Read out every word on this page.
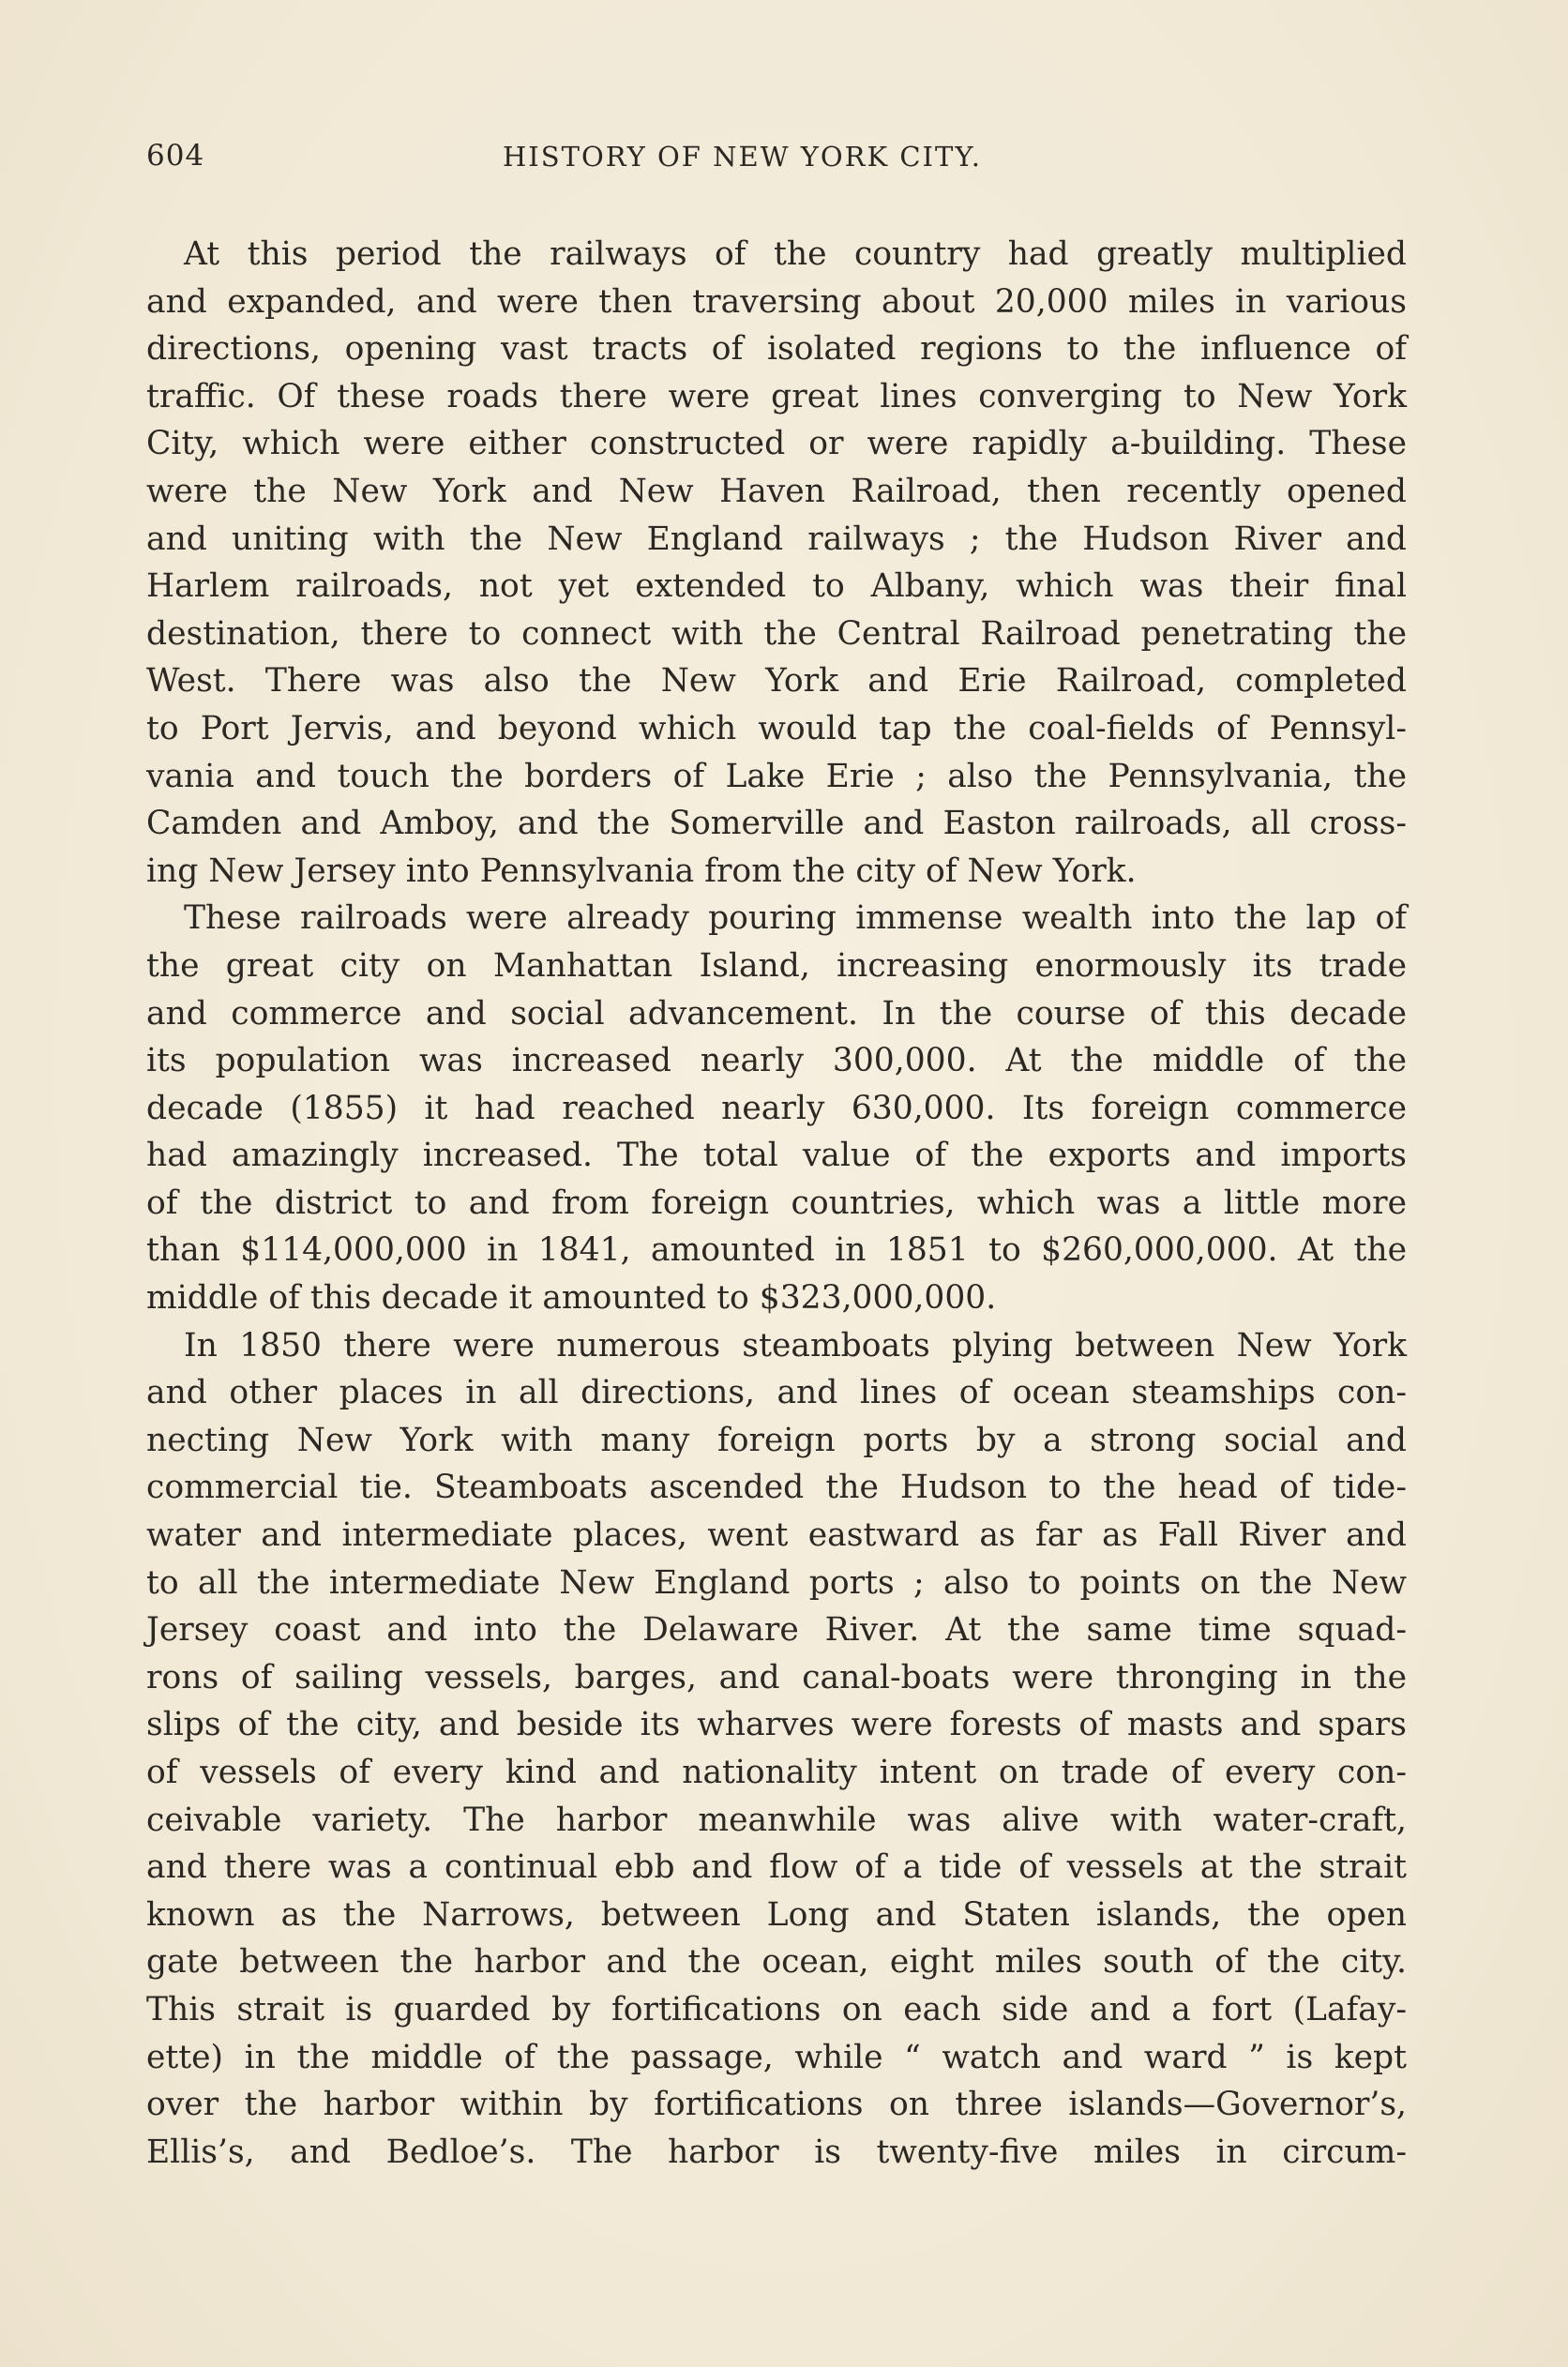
604	HISTORY OF NEW YORK CITY.
At this period the railways of the country had greatly multiplied
and expanded, and were then traversing about 20,000 miles in various
directions, opening vast tracts of isolated regions to the influence of
traffic. Of these roads there were great lines converging to New York
City, which were either constructed or were rapidly a-building. These
were the New York and New Haven Railroad, then recently opened
and uniting with the New England railways ; the Hudson River and
Harlem railroads, not yet extended to Albany, which was their final
destination, there to connect with the Central Railroad penetrating the
West. There was also the New York and Erie Railroad, completed
to Port Jervis, and beyond which would tap the coal-fields of Pennsyl-
vania and touch the borders of Lake Erie ; also the Pennsylvania, the
Camden and Amboy, and the Somerville and Easton railroads, all cross-
ing New Jersey into Pennsylvania from the city of New York.
These railroads were already pouring immense wealth into the lap of
the great city on Manhattan Island, increasing enormously its trade
and commerce and social advancement. In the course of this decade
its population was increased nearly 300,000. At the middle of the
decade (1855) it had reached nearly 630,000. Its foreign commerce
had amazingly increased. The total value of the exports and imports
of the district to and from foreign countries, which was a little more
than $114,000,000 in 1841, amounted in 1851 to $260,000,000. At the
middle of this decade it amounted to $323,000,000.
In 1850 there were numerous steamboats plying between New York
and other places in all directions, and lines of ocean steamships con-
necting New York with many foreign ports by a strong social and
commercial tie. Steamboats ascended the Hudson to the head of tide-
water and intermediate places, went eastward as far as Fall River and
to all the intermediate New England ports ; also to points on the New
Jersey coast and into the Delaware River. At the same time squad-
rons of sailing vessels, barges, and canal-boats were thronging in the
slips of the city, and beside its wharves were forests of masts and spars
of vessels of every kind and nationality intent on trade of every con-
ceivable variety. The harbor meanwhile was alive with water-craft,
and there was a continual ebb and flow of a tide of vessels at the strait
known as the Narrows, between Long and Staten islands, the open
gate between the harbor and the ocean, eight miles south of the city.
This strait is guarded by fortifications on each side and a fort (Lafay-
ette) in the middle of the passage, while “ watch and ward ” is kept
over the harbor within by fortifications on three islands—Governor’s,
Ellis’s, and Bedloe’s. The harbor is twenty-five miles in circum-
